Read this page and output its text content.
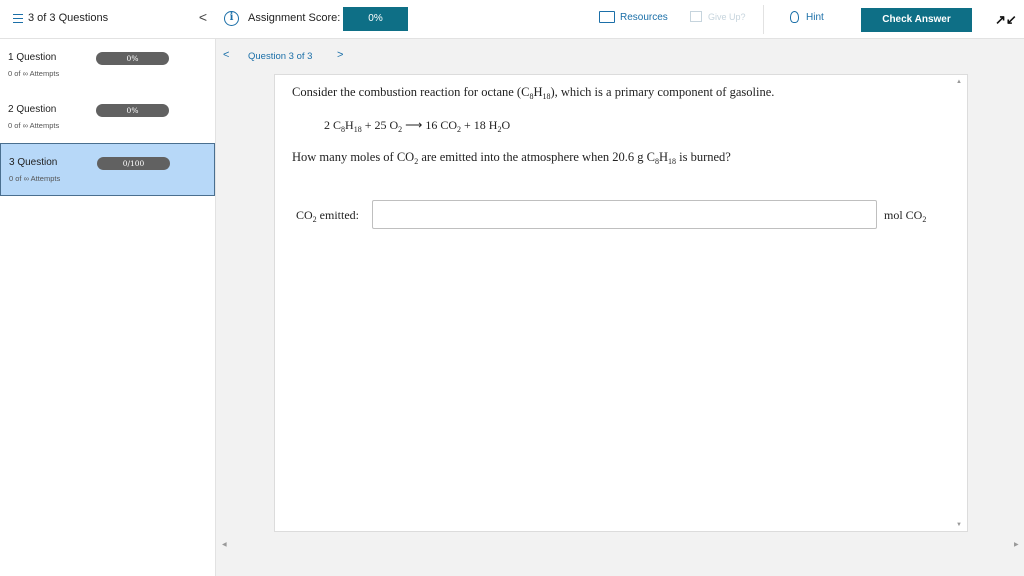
3 of 3 Questions	<	i	Assignment Score:	0%	Resources	Give Up?	Hint	Check Answer	↗↙
1 Question
0 of ∞ Attempts
0%
2 Question
0 of ∞ Attempts
0%
3 Question
0 of ∞ Attempts
0/100
< Question 3 of 3 >
Consider the combustion reaction for octane $(C_8H_{18})$, which is a primary component of gasoline.
2 $C_8H_{18} + 25$ $O_2$ ⟶ 16 $CO_2 + 18$ $H_2O$
How many moles of $CO_2$ are emitted into the atmosphere when 20.6 g $C_8H_{18}$ is burned?
$CO_2$ emitted:	mol $CO_2$
▲
▼
◀	▶
